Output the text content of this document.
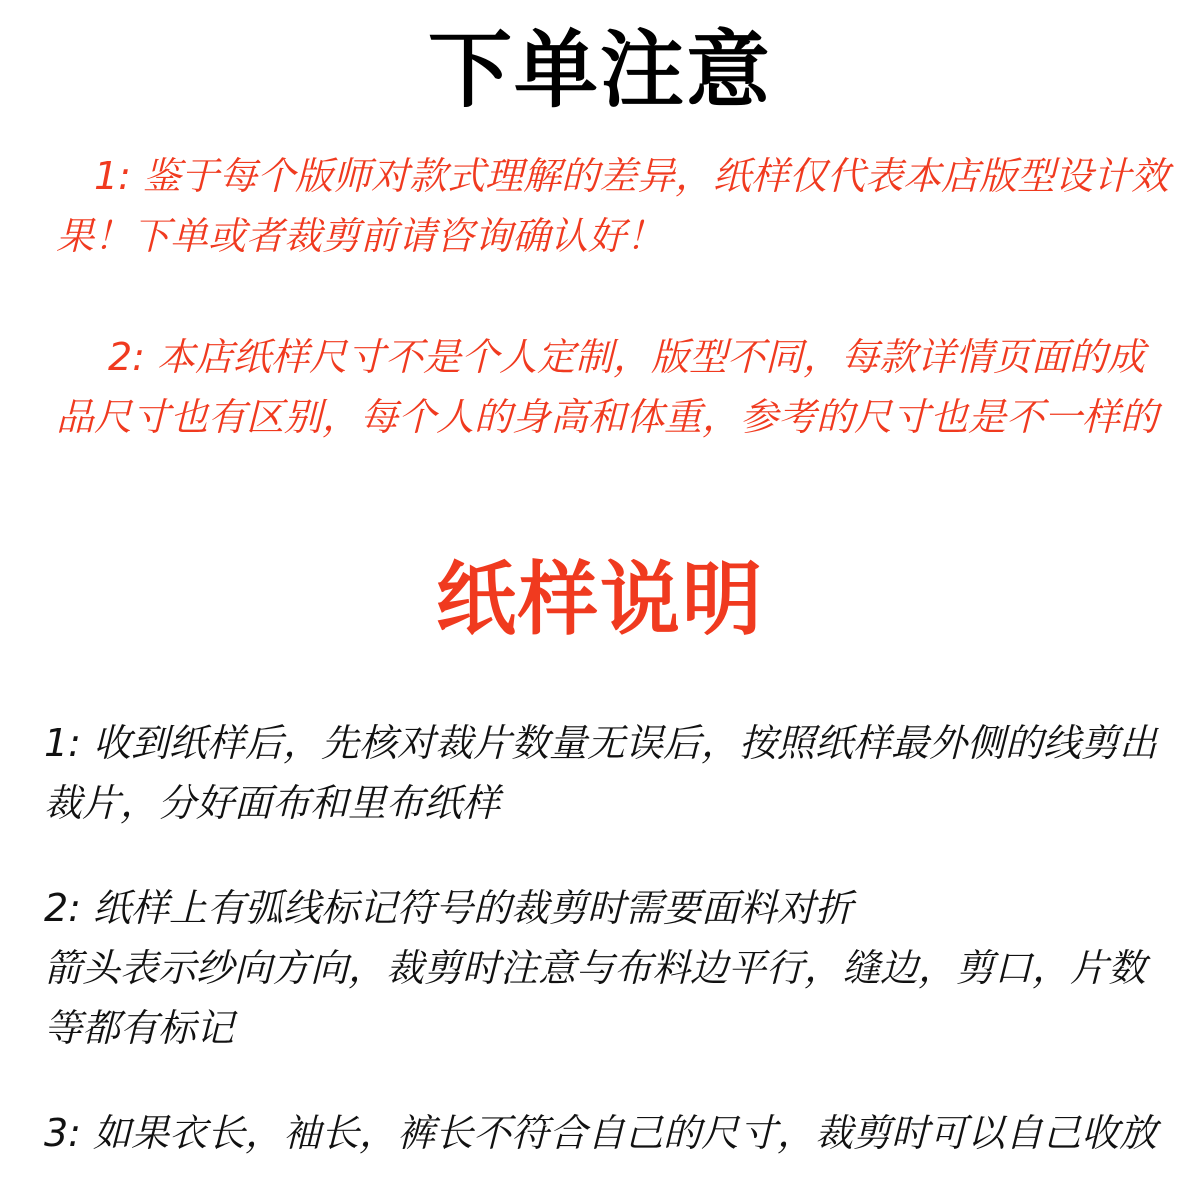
下单注意

1: 鉴于每个版师对款式理解的差异，纸样仅代表本店版型设计效果！下单或者裁剪前请咨询确认好！

2: 本店纸样尺寸不是个人定制，版型不同，每款详情页面的成品尺寸也有区别，每个人的身高和体重，参考的尺寸也是不一样的

纸样说明

1: 收到纸样后，先核对裁片数量无误后，按照纸样最外侧的线剪出裁片，分好面布和里布纸样

2: 纸样上有弧线标记符号的裁剪时需要面料对折
箭头表示纱向方向，裁剪时注意与布料边平行，缝边，剪口，片数等都有标记

3: 如果衣长，袖长，裤长不符合自己的尺寸，裁剪时可以自己收放
